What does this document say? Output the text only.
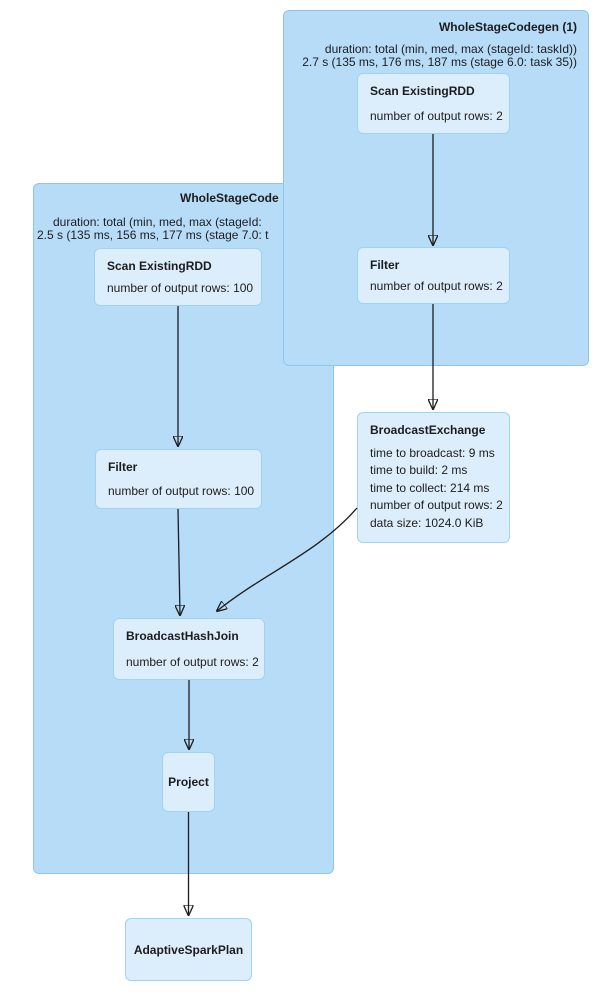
WholeStageCode
duration: total (min, med, max (stageId:
2.5 s (135 ms, 156 ms, 177 ms (stage 7.0: t
WholeStageCodegen (1)
duration: total (min, med, max (stageId: taskId))
2.7 s (135 ms, 176 ms, 187 ms (stage 6.0: task 35))
Scan ExistingRDD
number of output rows: 2
Filter
number of output rows: 2
Scan ExistingRDD
number of output rows: 100
Filter
number of output rows: 100
BroadcastExchange
time to broadcast: 9 ms
time to build: 2 ms
time to collect: 214 ms
number of output rows: 2
data size: 1024.0 KiB
BroadcastHashJoin
number of output rows: 2
Project
AdaptiveSparkPlan
